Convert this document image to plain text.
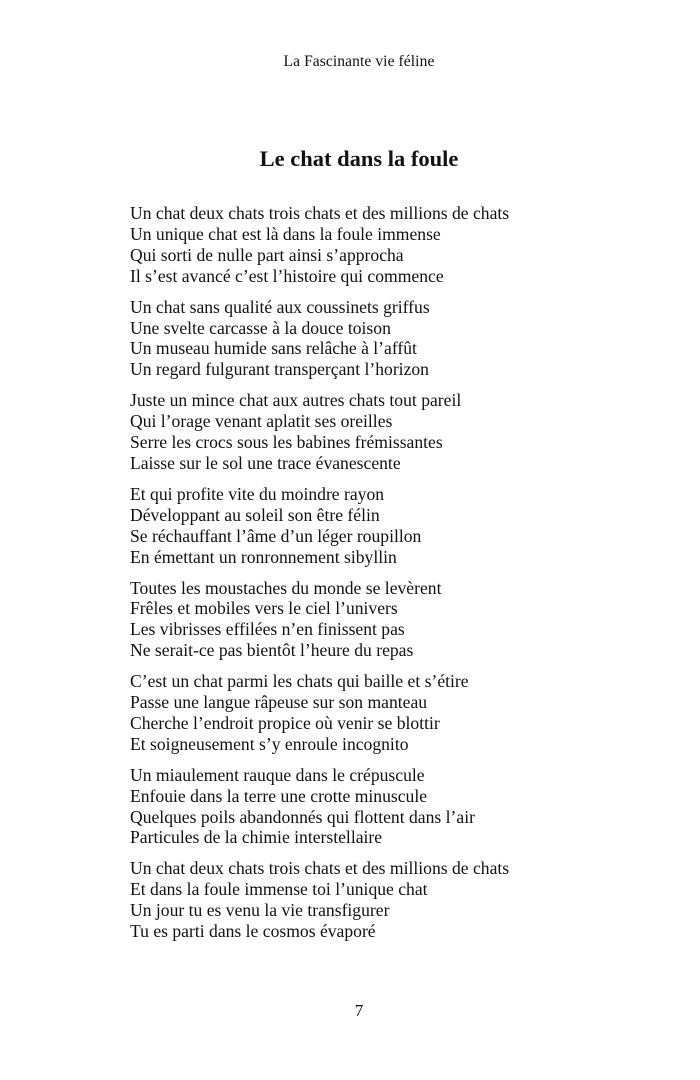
La Fascinante vie féline
Le chat dans la foule
Un chat deux chats trois chats et des millions de chats
Un unique chat est là dans la foule immense
Qui sorti de nulle part ainsi s’approcha
Il s’est avancé c’est l’histoire qui commence
Un chat sans qualité aux coussinets griffus
Une svelte carcasse à la douce toison
Un museau humide sans relâche à l’affût
Un regard fulgurant transperçant l’horizon
Juste un mince chat aux autres chats tout pareil
Qui l’orage venant aplatit ses oreilles
Serre les crocs sous les babines frémissantes
Laisse sur le sol une trace évanescente
Et qui profite vite du moindre rayon
Développant au soleil son être félin
Se réchauffant l’âme d’un léger roupillon
En émettant un ronronnement sibyllin
Toutes les moustaches du monde se levèrent
Frêles et mobiles vers le ciel l’univers
Les vibrisses effilées n’en finissent pas
Ne serait-ce pas bientôt l’heure du repas
C’est un chat parmi les chats qui baille et s’étire
Passe une langue râpeuse sur son manteau
Cherche l’endroit propice où venir se blottir
Et soigneusement s’y enroule incognito
Un miaulement rauque dans le crépuscule
Enfouie dans la terre une crotte minuscule
Quelques poils abandonnés qui flottent dans l’air
Particules de la chimie interstellaire
Un chat deux chats trois chats et des millions de chats
Et dans la foule immense toi l’unique chat
Un jour tu es venu la vie transfigurer
Tu es parti dans le cosmos évaporé
7
